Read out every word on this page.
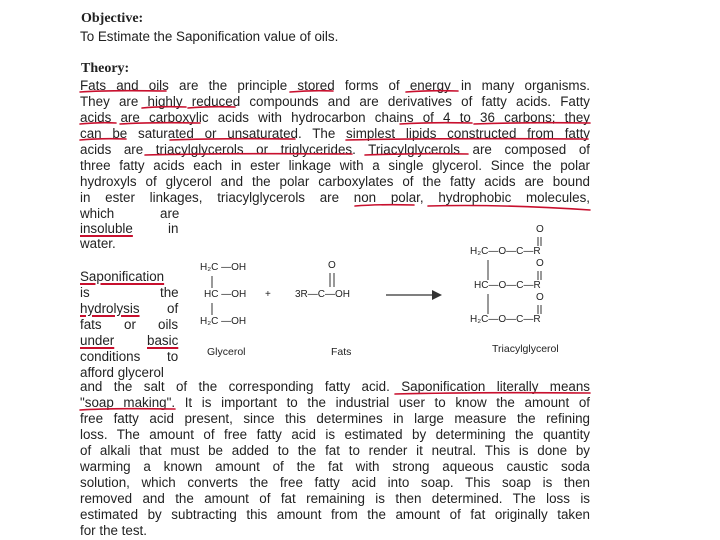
Objective:
To Estimate the Saponification value of oils.
Theory:
Fats and oils are the principle stored forms of energy in many organisms.
They are highly reduced compounds and are derivatives of fatty acids. Fatty
acids are carboxylic acids with hydrocarbon chains of 4 to 36 carbons; they
can be saturated or unsaturated. The simplest lipids constructed from fatty
acids are triacylglycerols or triglycerides. Triacylglycerols are composed of
three fatty acids each in ester linkage with a single glycerol. Since the polar
hydroxyls of glycerol and the polar carboxylates of the fatty acids are bound
in ester linkages, triacylglycerols are non polar, hydrophobic molecules,
which	are
insoluble	in
water.
Saponification
is	the
hydrolysis of
fats or oils
under basic
conditions to
afford glycerol
H₂C —OH
HC —OH
H₂C —OH
Glycerol
+
O
3R—C—OH
Fats
O
H₂C—O—C—R
O
HC—O—C—R
O
H₂C—O—C—R
Triacylglycerol
and the salt of the corresponding fatty acid. Saponification literally means
"soap making". It is important to the industrial user to know the amount of
free fatty acid present, since this determines in large measure the refining
loss. The amount of free fatty acid is estimated by determining the quantity
of alkali that must be added to the fat to render it neutral. This is done by
warming a known amount of the fat with strong aqueous caustic soda
solution, which converts the free fatty acid into soap. This soap is then
removed and the amount of fat remaining is then determined. The loss is
estimated by subtracting this amount from the amount of fat originally taken
for the test.
